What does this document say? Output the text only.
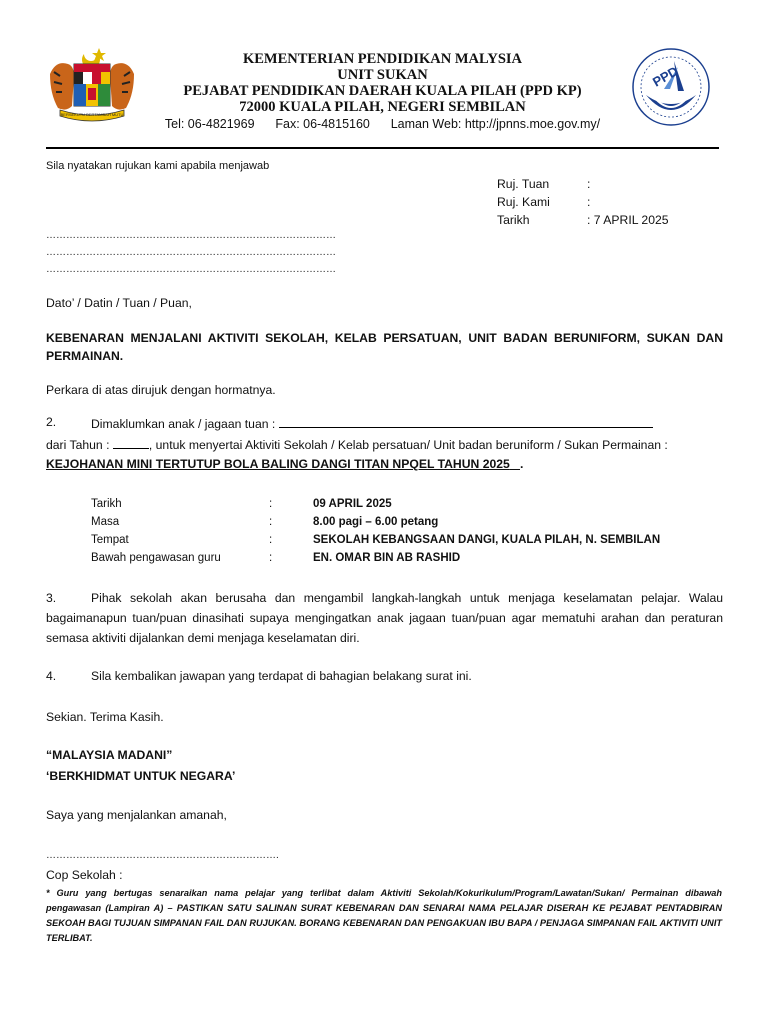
BERSEKUTU BERTAMBAH MUTU
KEMENTERIAN PENDIDIKAN MALYSIA
UNIT SUKAN
PEJABAT PENDIDIKAN DAERAH KUALA PILAH (PPD KP)
72000 KUALA PILAH, NEGERI SEMBILAN
Tel: 06-4821969 Fax: 06-4815160 Laman Web: http://jpnns.moe.gov.my/
PPD
Sila nyatakan rujukan kami apabila menjawab
Ruj. Tuan	:
Ruj. Kami	:
Tarikh	: 7 APRIL 2025
……………………………………………………………………………
……………………………………………………………………………
……………………………………………………………………………
Dato’ / Datin / Tuan / Puan,
KEBENARAN MENJALANI AKTIVITI SEKOLAH, KELAB PERSATUAN, UNIT BADAN BERUNIFORM, SUKAN DAN PERMAINAN.
Perkara di atas dirujuk dengan hormatnya.
2.	Dimaklumkan anak / jagaan tuan :
dari Tahun :	, untuk menyertai Aktiviti Sekolah / Kelab persatuan/ Unit badan beruniform / Sukan Permainan :
KEJOHANAN MINI TERTUTUP BOLA BALING DANGI TITAN NPQEL TAHUN 2025 .
Tarikh	:	09 APRIL 2025
Masa	:	8.00 pagi – 6.00 petang
Tempat	:	SEKOLAH KEBANGSAAN DANGI, KUALA PILAH, N. SEMBILAN
Bawah pengawasan guru	:	EN. OMAR BIN AB RASHID
3.	Pihak sekolah akan berusaha dan mengambil langkah-langkah untuk menjaga keselamatan pelajar. Walau bagaimanapun tuan/puan dinasihati supaya mengingatkan anak jagaan tuan/puan agar mematuhi arahan dan peraturan semasa aktiviti dijalankan demi menjaga keselamatan diri.
4.	Sila kembalikan jawapan yang terdapat di bahagian belakang surat ini.
Sekian. Terima Kasih.
“MALAYSIA MADANI”
‘BERKHIDMAT UNTUK NEGARA’
Saya yang menjalankan amanah,
…………………………………………………………….
Cop Sekolah :
* Guru yang bertugas senaraikan nama pelajar yang terlibat dalam Aktiviti Sekolah/Kokurikulum/Program/Lawatan/Sukan/ Permainan dibawah pengawasan (Lampiran A) – PASTIKAN SATU SALINAN SURAT KEBENARAN DAN SENARAI NAMA PELAJAR DISERAH KE PEJABAT PENTADBIRAN SEKOAH BAGI TUJUAN SIMPANAN FAIL DAN RUJUKAN. BORANG KEBENARAN DAN PENGAKUAN IBU BAPA / PENJAGA SIMPANAN FAIL AKTIVITI UNIT TERLIBAT.
